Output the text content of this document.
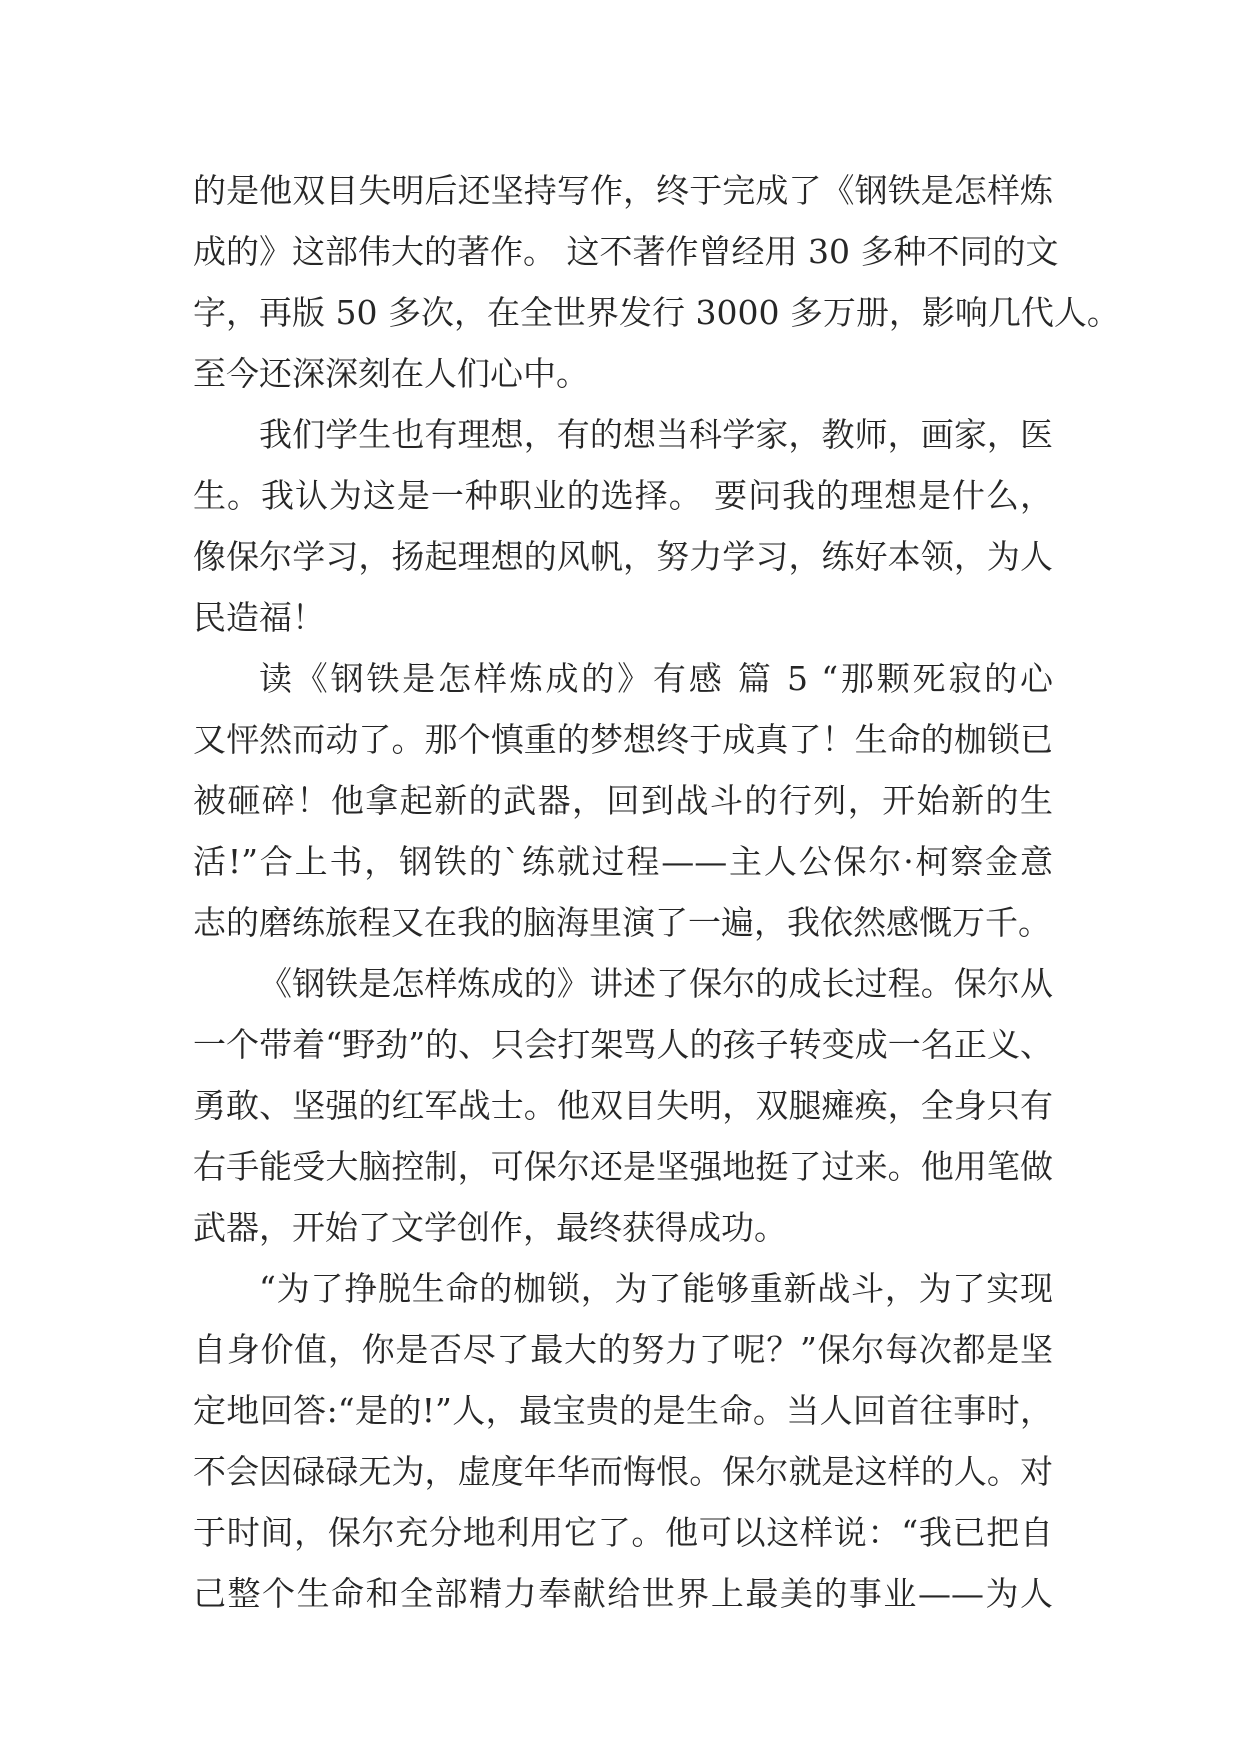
的是他双目失明后还坚持写作，终于完成了《钢铁是怎样炼
成的》这部伟大的著作。 这不著作曾经用 30 多种不同的文
字，再版 50 多次，在全世界发行 3000 多万册，影响几代人。
至今还深深刻在人们心中。
我们学生也有理想，有的想当科学家，教师，画家，医
生。我认为这是一种职业的选择。 要问我的理想是什么，
像保尔学习，扬起理想的风帆，努力学习，练好本领，为人
民造福！
读《钢铁是怎样炼成的》有感 篇 5 “那颗死寂的心
又怦然而动了。那个慎重的梦想终于成真了！生命的枷锁已
被砸碎！他拿起新的武器，回到战斗的行列，开始新的生
活!”合上书，钢铁的`练就过程——主人公保尔·柯察金意
志的磨练旅程又在我的脑海里演了一遍，我依然感慨万千。
《钢铁是怎样炼成的》讲述了保尔的成长过程。保尔从
一个带着“野劲”的、只会打架骂人的孩子转变成一名正义、
勇敢、坚强的红军战士。他双目失明，双腿瘫痪，全身只有
右手能受大脑控制，可保尔还是坚强地挺了过来。他用笔做
武器，开始了文学创作，最终获得成功。
“为了挣脱生命的枷锁，为了能够重新战斗，为了实现
自身价值，你是否尽了最大的努力了呢？”保尔每次都是坚
定地回答:“是的!”人，最宝贵的是生命。当人回首往事时，
不会因碌碌无为，虚度年华而悔恨。保尔就是这样的人。对
于时间，保尔充分地利用它了。他可以这样说：“我已把自
己整个生命和全部精力奉献给世界上最美的事业——为人
